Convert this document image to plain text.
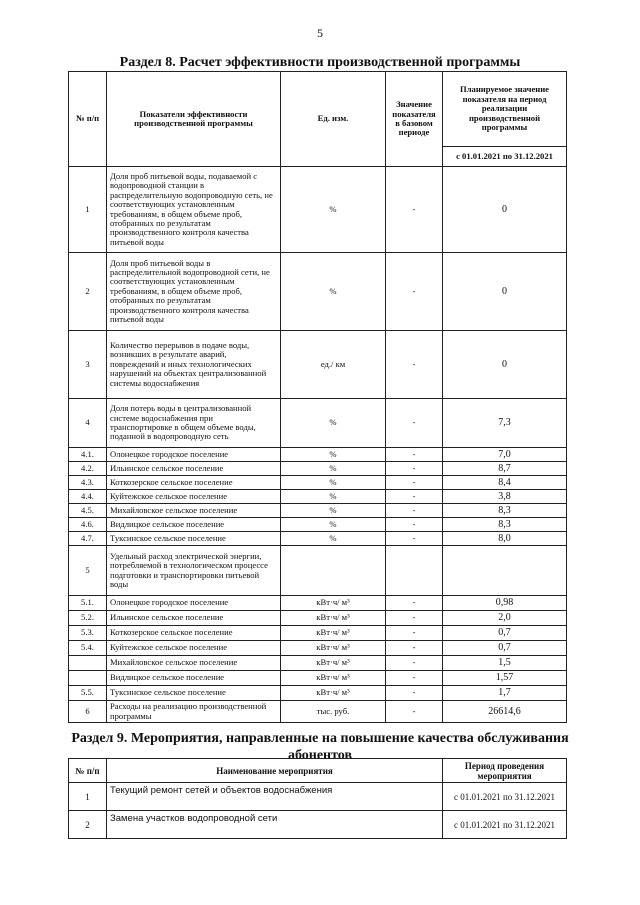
5
Раздел 8. Расчет эффективности производственной программы
№ п/п	Показатели эффективности производственной программы	Ед. изм.	Значение показателя в базовом периоде	Планируемое значение показателя на период реализации производственной программы
				с 01.01.2021 по 31.12.2021
1	Доля проб питьевой воды, подаваемой с водопроводной станции в распределительную водопроводную сеть, не соответствующих установленным требованиям, в общем объеме проб, отобранных по результатам производственного контроля качества питьевой воды	%	-	0
2	Доля проб питьевой воды в распределительной водопроводной сети, не соответствующих установленным требованиям, в общем объеме проб, отобранных по результатам производственного контроля качества питьевой воды	%	-	0
3	Количество перерывов в подаче воды, возникших в результате аварий, повреждений и иных технологических нарушений на объектах централизованной системы водоснабжения	ед./ км	-	0
4	Доля потерь воды в централизованной системе водоснабжения при транспортировке в общем объеме воды, поданной в водопроводную сеть	%	-	7,3
4.1.	Олонецкое городское поселение	%	-	7,0
4.2.	Ильинское сельское поселение	%	-	8,7
4.3.	Коткозерское сельское поселение	%	-	8,4
4.4.	Куйтежское сельское поселение	%	-	3,8
4.5.	Михайловское сельское поселение	%	-	8,3
4.6.	Видлицкое сельское поселение	%	-	8,3
4.7.	Туксинское сельское поселение	%	-	8,0
5	Удельный расход электрической энергии, потребляемой в технологическом процессе подготовки и транспортировки питьевой воды			
5.1.	Олонецкое городское поселение	кВт·ч/ м³	-	0,98
5.2.	Ильинское сельское поселение	кВт·ч/ м³	-	2,0
5.3.	Коткозерское сельское поселение	кВт·ч/ м³	-	0,7
5.4.	Куйтежское сельское поселение	кВт·ч/ м³	-	0,7
	Михайловское сельское поселение	кВт·ч/ м³	-	1,5
	Видлицкое сельское поселение	кВт·ч/ м³	-	1,57
5.5.	Туксинское сельское поселение	кВт·ч/ м³	-	1,7
6	Расходы на реализацию производственной программы	тыс. руб.	-	26614,6
Раздел 9. Мероприятия, направленные на повышение качества обслуживания абонентов
№ п/п	Наименование мероприятия	Период проведения мероприятия
1	Текущий ремонт сетей и объектов водоснабжения	с 01.01.2021 по 31.12.2021
2	Замена участков водопроводной сети	с 01.01.2021 по 31.12.2021
